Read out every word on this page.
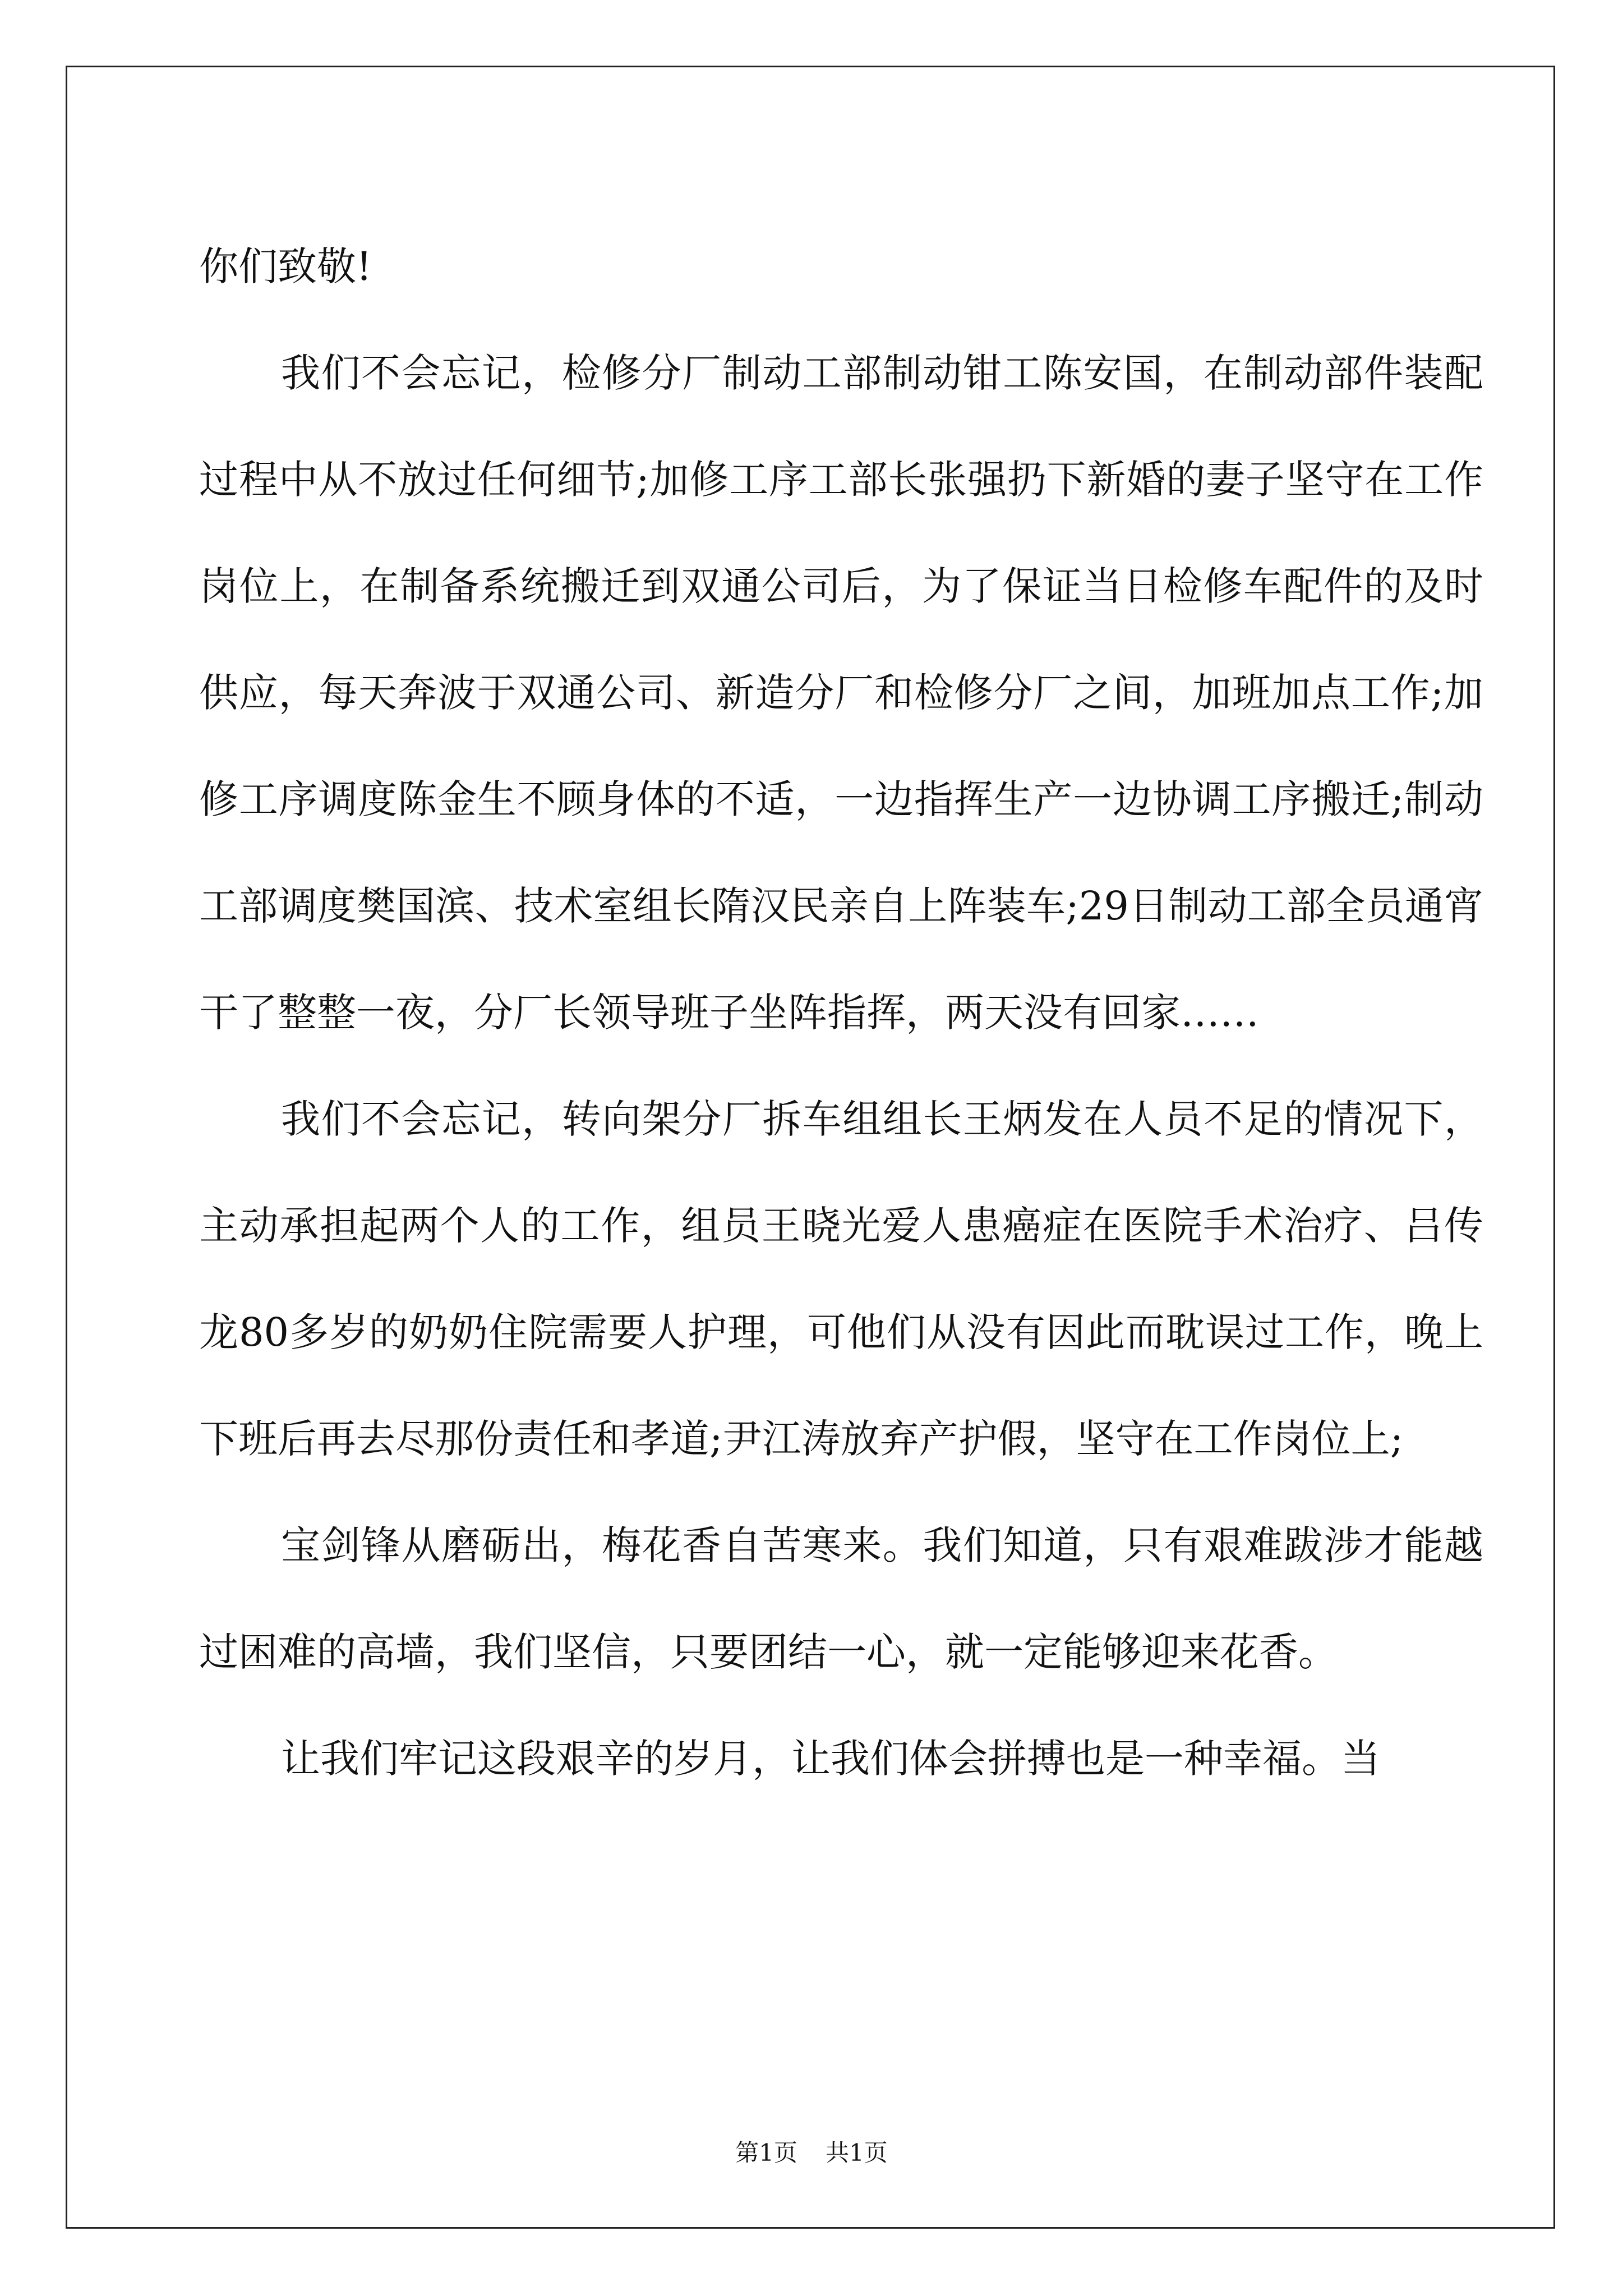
你们致敬!

我们不会忘记，检修分厂制动工部制动钳工陈安国，在制动部件装配过程中从不放过任何细节;加修工序工部长张强扔下新婚的妻子坚守在工作岗位上，在制备系统搬迁到双通公司后，为了保证当日检修车配件的及时供应，每天奔波于双通公司、新造分厂和检修分厂之间，加班加点工作;加修工序调度陈金生不顾身体的不适，一边指挥生产一边协调工序搬迁;制动工部调度樊国滨、技术室组长隋汉民亲自上阵装车;29日制动工部全员通宵干了整整一夜，分厂长领导班子坐阵指挥，两天没有回家……

我们不会忘记，转向架分厂拆车组组长王炳发在人员不足的情况下，主动承担起两个人的工作，组员王晓光爱人患癌症在医院手术治疗、吕传龙80多岁的奶奶住院需要人护理，可他们从没有因此而耽误过工作，晚上下班后再去尽那份责任和孝道;尹江涛放弃产护假，坚守在工作岗位上;

宝剑锋从磨砺出，梅花香自苦寒来。我们知道，只有艰难跋涉才能越过困难的高墙，我们坚信，只要团结一心，就一定能够迎来花香。

让我们牢记这段艰辛的岁月，让我们体会拼搏也是一种幸福。当

第1页 共1页
